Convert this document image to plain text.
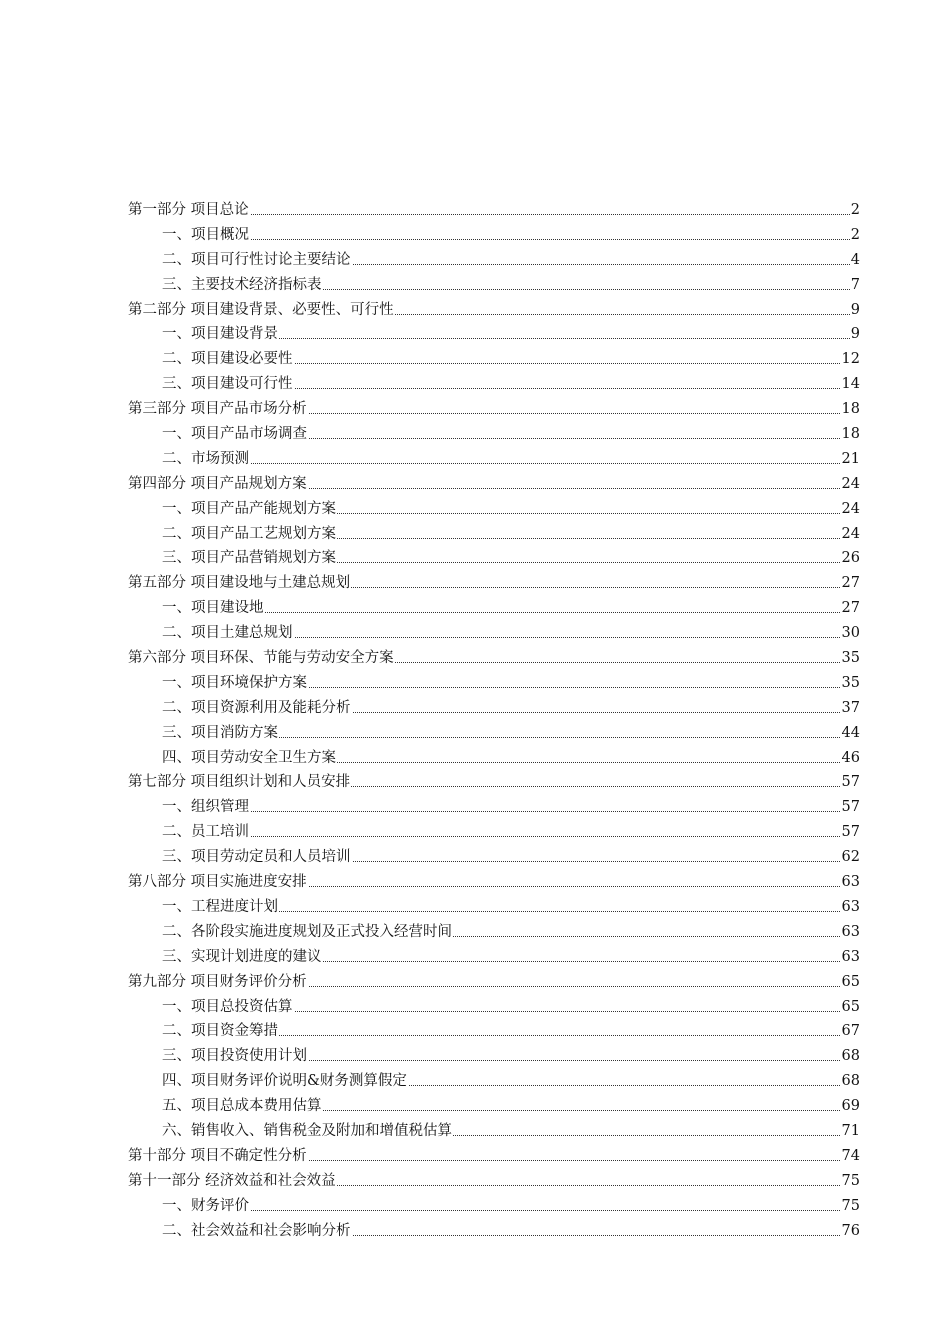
第一部分 项目总论	2
一、项目概况	2
二、项目可行性讨论主要结论	4
三、主要技术经济指标表	7
第二部分 项目建设背景、必要性、可行性	9
一、项目建设背景	9
二、项目建设必要性	12
三、项目建设可行性	14
第三部分 项目产品市场分析	18
一、项目产品市场调查	18
二、市场预测	21
第四部分 项目产品规划方案	24
一、项目产品产能规划方案	24
二、项目产品工艺规划方案	24
三、项目产品营销规划方案	26
第五部分 项目建设地与土建总规划	27
一、项目建设地	27
二、项目土建总规划	30
第六部分 项目环保、节能与劳动安全方案	35
一、项目环境保护方案	35
二、项目资源利用及能耗分析	37
三、项目消防方案	44
四、项目劳动安全卫生方案	46
第七部分 项目组织计划和人员安排	57
一、组织管理	57
二、员工培训	57
三、项目劳动定员和人员培训	62
第八部分 项目实施进度安排	63
一、工程进度计划	63
二、各阶段实施进度规划及正式投入经营时间	63
三、实现计划进度的建议	63
第九部分 项目财务评价分析	65
一、项目总投资估算	65
二、项目资金筹措	67
三、项目投资使用计划	68
四、项目财务评价说明&财务测算假定	68
五、项目总成本费用估算	69
六、销售收入、销售税金及附加和增值税估算	71
第十部分 项目不确定性分析	74
第十一部分 经济效益和社会效益	75
一、财务评价	75
二、社会效益和社会影响分析	76
